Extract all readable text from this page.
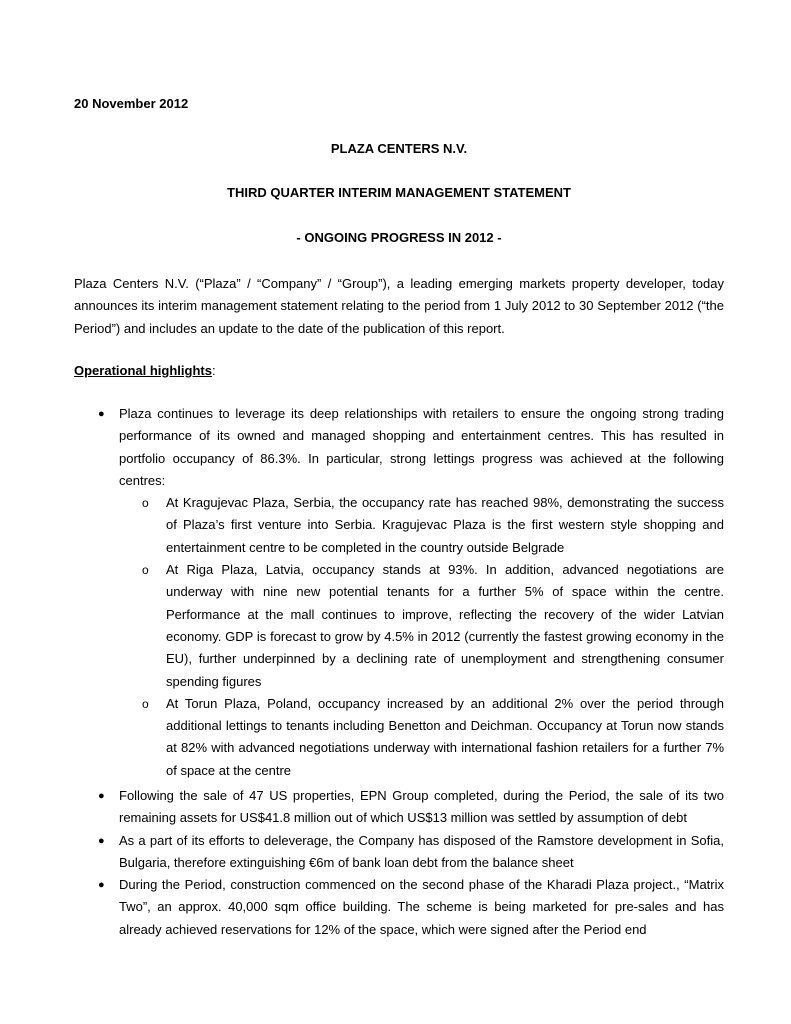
20 November 2012
PLAZA CENTERS N.V.
THIRD QUARTER INTERIM MANAGEMENT STATEMENT
- ONGOING PROGRESS IN 2012 -
Plaza Centers N.V. (“Plaza” / “Company” / “Group”), a leading emerging markets property developer, today announces its interim management statement relating to the period from 1 July 2012 to 30 September 2012 (“the Period”) and includes an update to the date of the publication of this report.
Operational highlights:
● Plaza continues to leverage its deep relationships with retailers to ensure the ongoing strong trading performance of its owned and managed shopping and entertainment centres. This has resulted in portfolio occupancy of 86.3%. In particular, strong lettings progress was achieved at the following centres:
o At Kragujevac Plaza, Serbia, the occupancy rate has reached 98%, demonstrating the success of Plaza’s first venture into Serbia. Kragujevac Plaza is the first western style shopping and entertainment centre to be completed in the country outside Belgrade
o At Riga Plaza, Latvia, occupancy stands at 93%. In addition, advanced negotiations are underway with nine new potential tenants for a further 5% of space within the centre. Performance at the mall continues to improve, reflecting the recovery of the wider Latvian economy. GDP is forecast to grow by 4.5% in 2012 (currently the fastest growing economy in the EU), further underpinned by a declining rate of unemployment and strengthening consumer spending figures
o At Torun Plaza, Poland, occupancy increased by an additional 2% over the period through additional lettings to tenants including Benetton and Deichman. Occupancy at Torun now stands at 82% with advanced negotiations underway with international fashion retailers for a further 7% of space at the centre
● Following the sale of 47 US properties, EPN Group completed, during the Period, the sale of its two remaining assets for US$41.8 million out of which US$13 million was settled by assumption of debt
● As a part of its efforts to deleverage, the Company has disposed of the Ramstore development in Sofia, Bulgaria, therefore extinguishing €6m of bank loan debt from the balance sheet
● During the Period, construction commenced on the second phase of the Kharadi Plaza project., “Matrix Two”, an approx. 40,000 sqm office building. The scheme is being marketed for pre-sales and has already achieved reservations for 12% of the space, which were signed after the Period end
